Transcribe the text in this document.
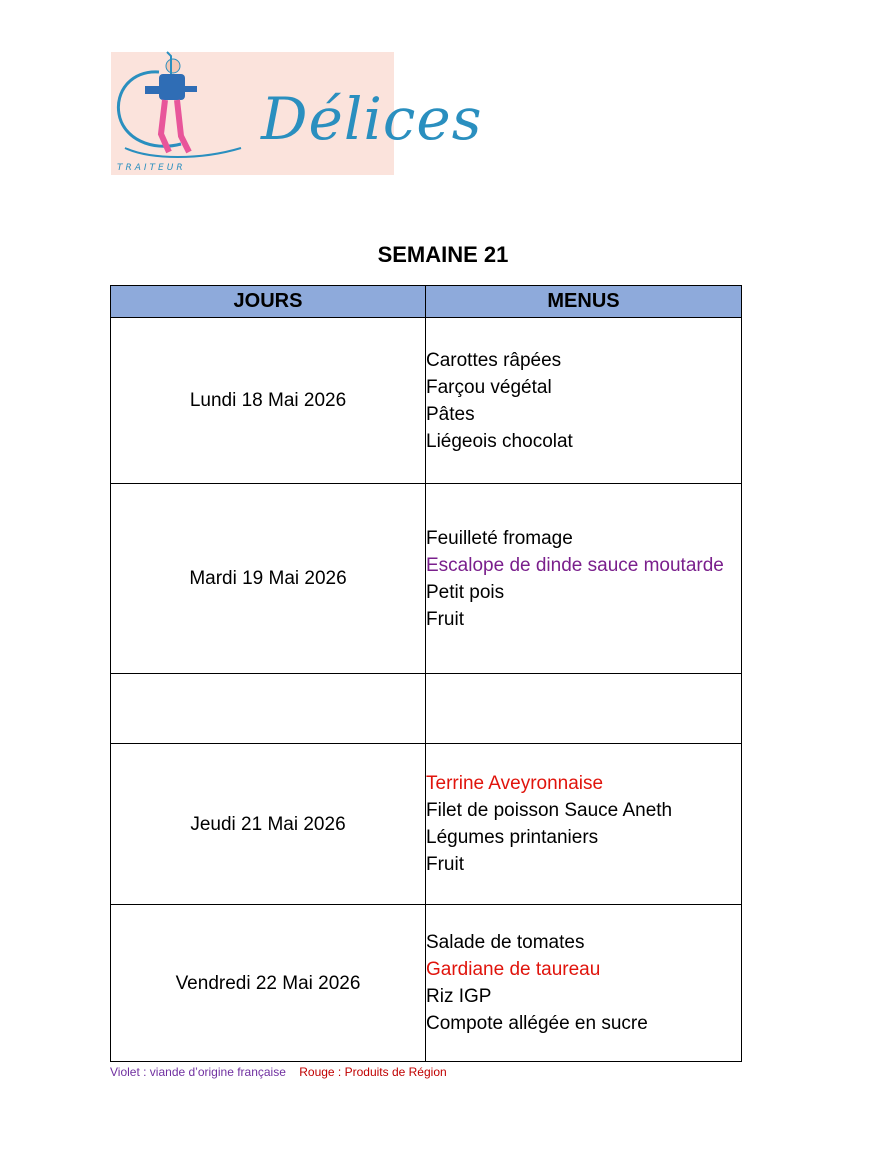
Délices
TRAITEUR
SEMAINE 21
JOURS	MENUS
Lundi 18 Mai 2026	Carottes râpées
Farçou végétal
Pâtes
Liégeois chocolat

Mardi 19 Mai 2026	Feuilleté fromage
Escalope de dinde sauce moutarde
Petit pois
Fruit

Jeudi 21 Mai 2026	Terrine Aveyronnaise
Filet de poisson Sauce Aneth
Légumes printaniers
Fruit

Vendredi 22 Mai 2026	Salade de tomates
Gardiane de taureau
Riz IGP
Compote allégée en sucre
Violet : viande d’origine française Rouge : Produits de Région
